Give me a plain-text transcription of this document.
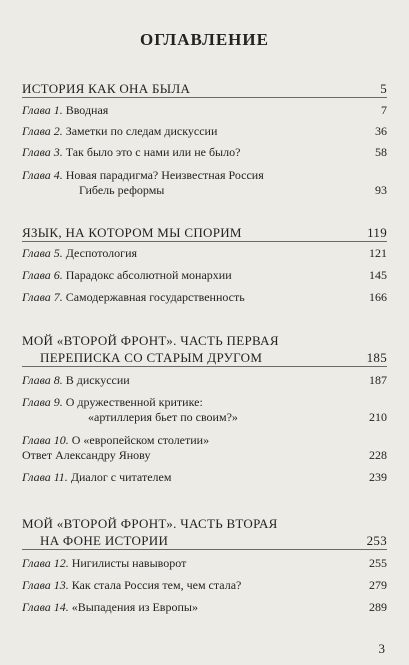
ОГЛАВЛЕНИЕ
ИСТОРИЯ КАК ОНА БЫЛА	5
Глава 1. Вводная	7
Глава 2. Заметки по следам дискуссии	36
Глава 3. Так было это с нами или не было?	58
Глава 4. Новая парадигма? Неизвестная Россия
Гибель реформы	93
ЯЗЫК, НА КОТОРОМ МЫ СПОРИМ	119
Глава 5. Деспотология	121
Глава 6. Парадокс абсолютной монархии	145
Глава 7. Самодержавная государственность	166
МОЙ «ВТОРОЙ ФРОНТ». ЧАСТЬ ПЕРВАЯ
ПЕРЕПИСКА СО СТАРЫМ ДРУГОМ	185
Глава 8. В дискуссии	187
Глава 9. О дружественной критике:
«артиллерия бьет по своим?»	210
Глава 10. О «европейском столетии»
Ответ Александру Янову	228
Глава 11. Диалог с читателем	239
МОЙ «ВТОРОЙ ФРОНТ». ЧАСТЬ ВТОРАЯ
НА ФОНЕ ИСТОРИИ	253
Глава 12. Нигилисты навыворот	255
Глава 13. Как стала Россия тем, чем стала?	279
Глава 14. «Выпадения из Европы»	289
3
